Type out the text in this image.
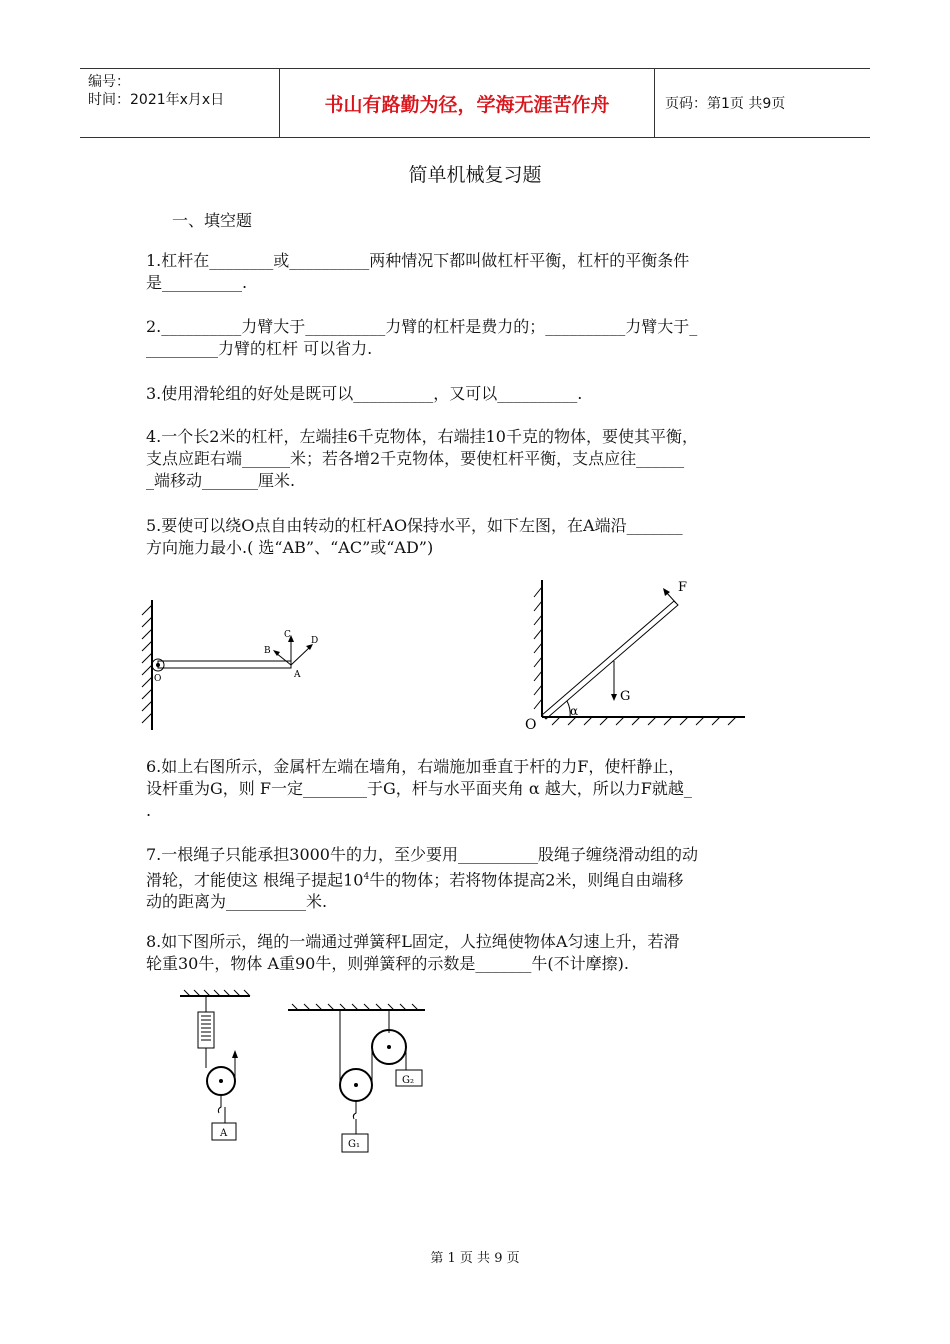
编号：
时间：2021年x月x日	书山有路勤为径，学海无涯苦作舟	页码：第1页 共9页
简单机械复习题
一、填空题

1.杠杆在________或__________两种情况下都叫做杠杆平衡，杠杆的平衡条件

是__________.

2.__________力臂大于__________力臂的杠杆是费力的；__________力臂大于_

_________力臂的杠杆 可以省力.

3.使用滑轮组的好处是既可以__________，又可以__________.

4.一个长2米的杠杆，左端挂6千克物体，右端挂10千克的物体，要使其平衡，

支点应距右端______米；若各增2千克物体，要使杠杆平衡，支点应往______

_端移动_______厘米.

5.要使可以绕O点自由转动的杠杆AO保持水平，如下左图，在A端沿_______

方向施力最小.( 选“AB”、“AC”或“AD”)

O	A
B
C
D
F
G
O
α

6.如上右图所示，金属杆左端在墙角，右端施加垂直于杆的力F，使杆静止，

设杆重为G，则 F一定________于G，杆与水平面夹角 α 越大，所以力F就越_

.

7.一根绳子只能承担3000牛的力，至少要用__________股绳子缠绕滑动组的动

滑轮，才能使这 根绳子提起$10^4$牛的物体；若将物体提高2米，则绳自由端移

动的距离为__________米.

8.如下图所示，绳的一端通过弹簧秤L固定，人拉绳使物体A匀速上升，若滑

轮重30牛，物体 A重90牛，则弹簧秤的示数是_______牛(不计摩擦).

A
G₂
G₁
第 1 页 共 9 页
